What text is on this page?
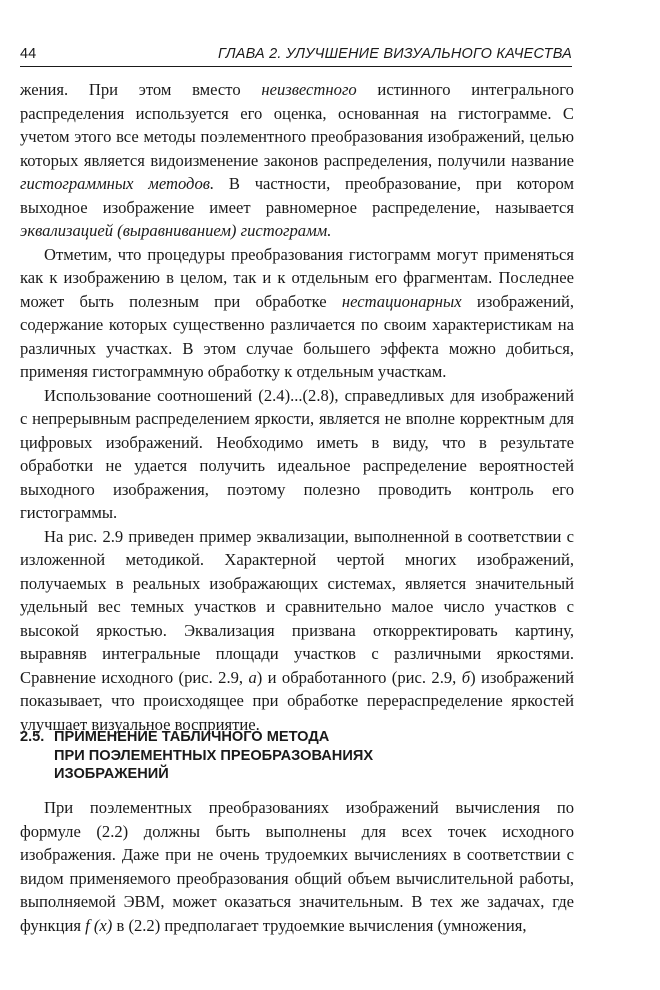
44	ГЛАВА 2. УЛУЧШЕНИЕ ВИЗУАЛЬНОГО КАЧЕСТВА

жения. При этом вместо неизвестного истинного интегрального распределения используется его оценка, основанная на гистограмме. С учетом этого все методы поэлементного преобразования изображений, целью которых является видоизменение законов распределения, получили название гистограммных методов. В частности, преобразование, при котором выходное изображение имеет равномерное распределение, называется эквализацией (выравниванием) гистограмм.

Отметим, что процедуры преобразования гистограмм могут применяться как к изображению в целом, так и к отдельным его фрагментам. Последнее может быть полезным при обработке нестационарных изображений, содержание которых существенно различается по своим характеристикам на различных участках. В этом случае большего эффекта можно добиться, применяя гистограммную обработку к отдельным участкам.

Использование соотношений (2.4)...(2.8), справедливых для изображений с непрерывным распределением яркости, является не вполне корректным для цифровых изображений. Необходимо иметь в виду, что в результате обработки не удается получить идеальное распределение вероятностей выходного изображения, поэтому полезно проводить контроль его гистограммы.

На рис. 2.9 приведен пример эквализации, выполненной в соответствии с изложенной методикой. Характерной чертой многих изображений, получаемых в реальных изображающих системах, является значительный удельный вес темных участков и сравнительно малое число участков с высокой яркостью. Эквализация призвана откорректировать картину, выравняв интегральные площади участков с различными яркостями. Сравнение исходного (рис. 2.9, а) и обработанного (рис. 2.9, б) изображений показывает, что происходящее при обработке перераспределение яркостей улучшает визуальное восприятие.

2.5. ПРИМЕНЕНИЕ ТАБЛИЧНОГО МЕТОДА
ПРИ ПОЭЛЕМЕНТНЫХ ПРЕОБРАЗОВАНИЯХ
ИЗОБРАЖЕНИЙ

При поэлементных преобразованиях изображений вычисления по формуле (2.2) должны быть выполнены для всех точек исходного изображения. Даже при не очень трудоемких вычислениях в соответствии с видом применяемого преобразования общий объем вычислительной работы, выполняемой ЭВМ, может оказаться значительным. В тех же задачах, где функция f (x) в (2.2) предполагает трудоемкие вычисления (умножения,
